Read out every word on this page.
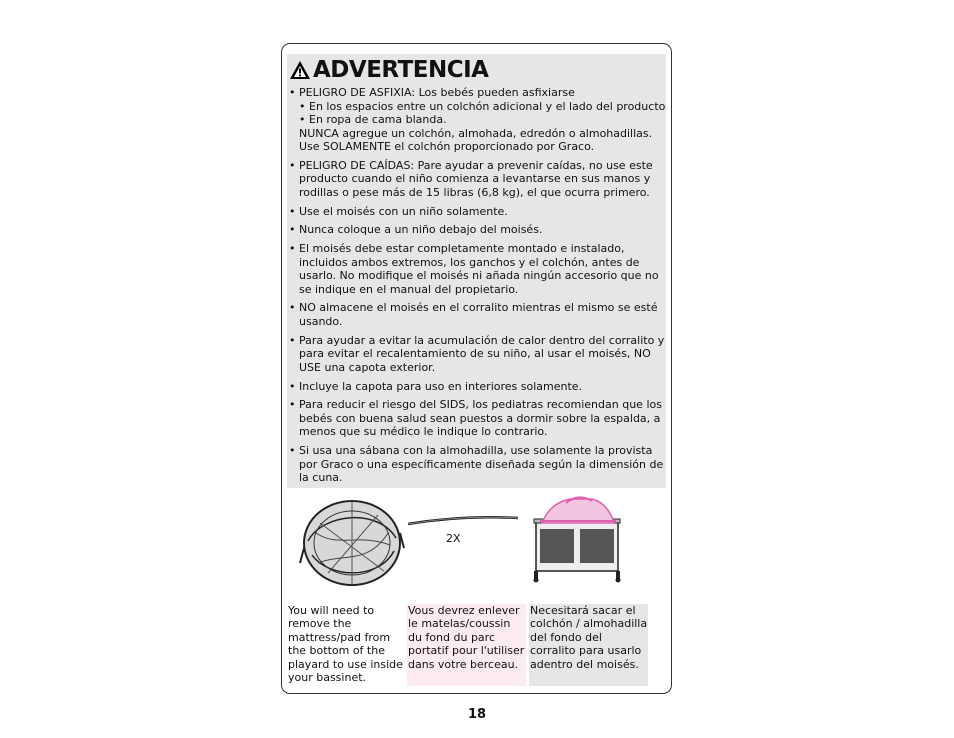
ADVERTENCIA
• PELIGRO DE ASFIXIA: Los bebés pueden asfixiarse
• En los espacios entre un colchón adicional y el lado del producto
• En ropa de cama blanda.
NUNCA agregue un colchón, almohada, edredón o almohadillas. Use SOLAMENTE el colchón proporcionado por Graco.
• PELIGRO DE CAÍDAS: Pare ayudar a prevenir caídas, no use este producto cuando el niño comienza a levantarse en sus manos y rodillas o pese más de 15 libras (6,8 kg), el que ocurra primero.
• Use el moisés con un niño solamente.
• Nunca coloque a un niño debajo del moisés.
• El moisés debe estar completamente montado e instalado, incluidos ambos extremos, los ganchos y el colchón, antes de usarlo. No modifique el moisés ni añada ningún accesorio que no se indique en el manual del propietario.
• NO almacene el moisés en el corralito mientras el mismo se esté usando.
• Para ayudar a evitar la acumulación de calor dentro del corralito y para evitar el recalentamiento de su niño, al usar el moisés, NO USE una capota exterior.
• Incluye la capota para uso en interiores solamente.
• Para reducir el riesgo del SIDS, los pediatras recomiendan que los bebés con buena salud sean puestos a dormir sobre la espalda, a menos que su médico le indique lo contrario.
• Si usa una sábana con la almohadilla, use solamente la provista por Graco o una específicamente diseñada según la dimensión de la cuna.
2X
You will need to remove the mattress/pad from the bottom of the playard to use inside your bassinet.
Vous devrez enlever le matelas/coussin du fond du parc portatif pour l'utiliser dans votre berceau.
Necesitará sacar el colchón / almohadilla del fondo del corralito para usarlo adentro del moisés.
18
